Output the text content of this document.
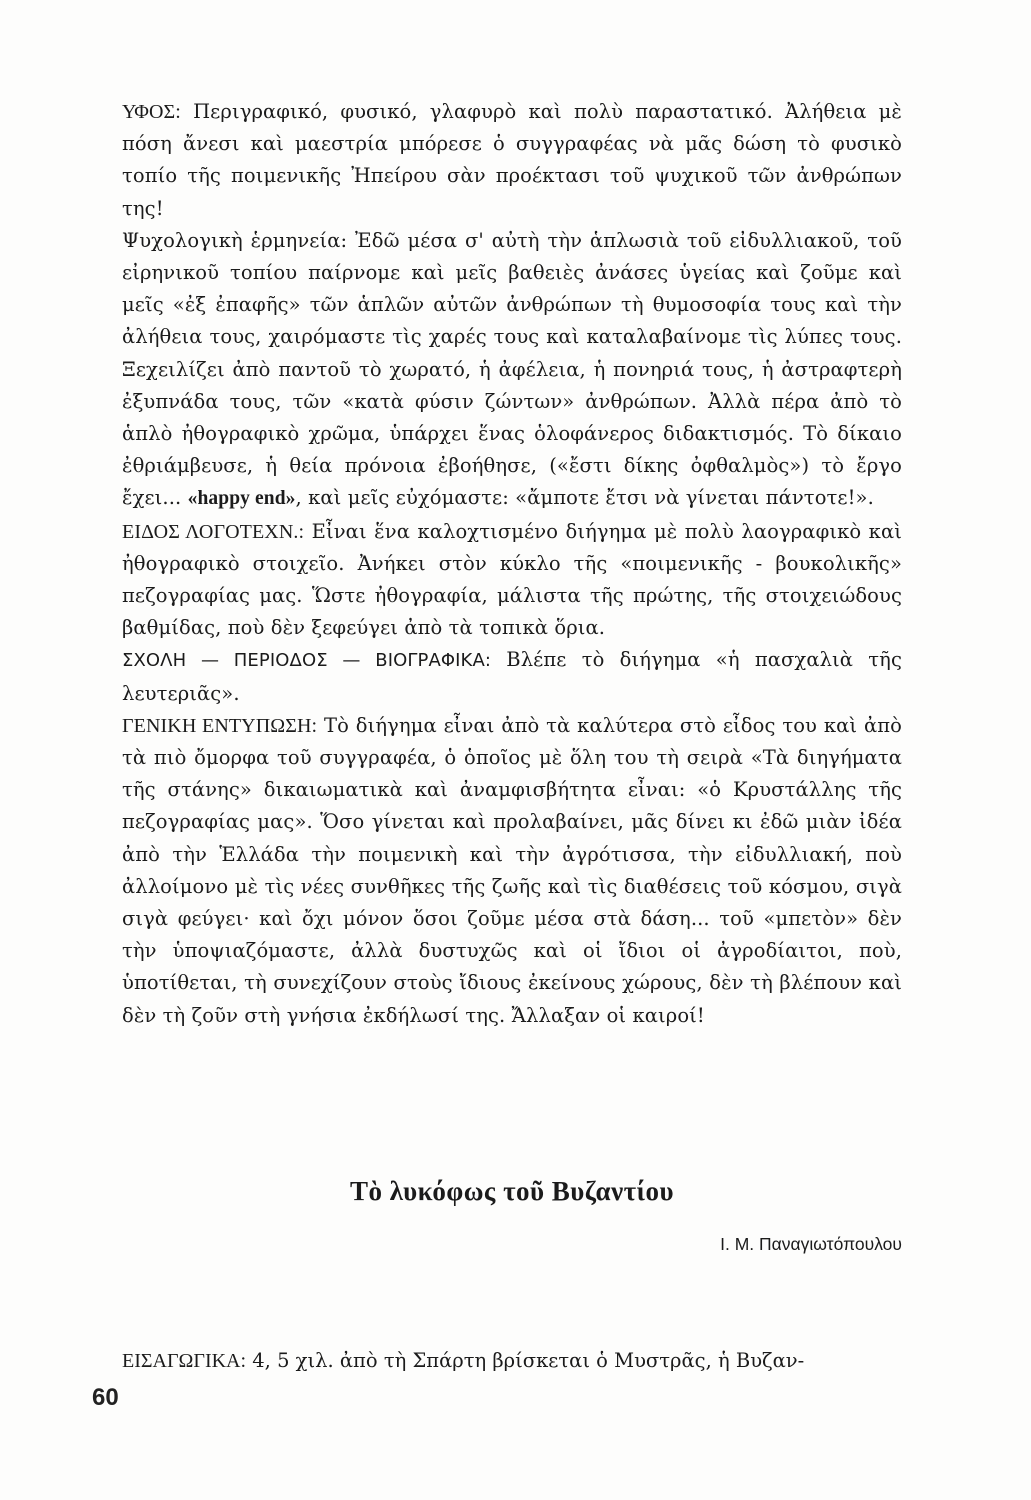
ΥΦΟΣ: Περιγραφικό, φυσικό, γλαφυρὸ καὶ πολὺ παραστατικό. Ἀλήθεια μὲ πόση ἄνεσι καὶ μαεστρία μπόρεσε ὁ συγγραφέας νὰ μᾶς δώση τὸ φυσικὸ τοπίο τῆς ποιμενικῆς Ἠπείρου σὰν προέκτασι τοῦ ψυχικοῦ τῶν ἀνθρώπων της!

Ψυχολογικὴ ἑρμηνεία: Ἐδῶ μέσα σ' αὐτὴ τὴν ἁπλωσιὰ τοῦ εἰδυλλιακοῦ, τοῦ εἰρηνικοῦ τοπίου παίρνομε καὶ μεῖς βαθειὲς ἀνάσες ὑγείας καὶ ζοῦμε καὶ μεῖς «ἐξ ἐπαφῆς» τῶν ἁπλῶν αὐτῶν ἀνθρώπων τὴ θυμοσοφία τους καὶ τὴν ἀλήθεια τους, χαιρόμαστε τὶς χαρές τους καὶ καταλαβαίνομε τὶς λύπες τους. Ξεχειλίζει ἀπὸ παντοῦ τὸ χωρατό, ἡ ἀφέλεια, ἡ πονηριά τους, ἡ ἀστραφτερὴ ἐξυπνάδα τους, τῶν «κατὰ φύσιν ζώντων» ἀνθρώπων. Ἀλλὰ πέρα ἀπὸ τὸ ἁπλὸ ἠθογραφικὸ χρῶμα, ὑπάρχει ἕνας ὁλοφάνερος διδακτισμός. Τὸ δίκαιο ἐθριάμβευσε, ἡ θεία πρόνοια ἐβοήθησε, («ἔστι δίκης ὀφθαλμὸς») τὸ ἔργο ἔχει... «happy end», καὶ μεῖς εὐχόμαστε: «ἄμποτε ἔτσι νὰ γίνεται πάντοτε!».

ΕΙΔΟΣ ΛΟΓΟΤΕΧΝ.: Εἶναι ἕνα καλοχτισμένο διήγημα μὲ πολὺ λαογραφικὸ καὶ ἠθογραφικὸ στοιχεῖο. Ἀνήκει στὸν κύκλο τῆς «ποιμενικῆς - βουκολικῆς» πεζογραφίας μας. Ὥστε ἠθογραφία, μάλιστα τῆς πρώτης, τῆς στοιχειώδους βαθμίδας, ποὺ δὲν ξεφεύγει ἀπὸ τὰ τοπικὰ ὅρια.

ΣΧΟΛΗ — ΠΕΡΙΟΔΟΣ — ΒΙΟΓΡΑΦΙΚΑ: Βλέπε τὸ διήγημα «ἡ πασχαλιὰ τῆς λευτεριᾶς».

ΓΕΝΙΚΗ ΕΝΤΥΠΩΣΗ: Τὸ διήγημα εἶναι ἀπὸ τὰ καλύτερα στὸ εἶδος του καὶ ἀπὸ τὰ πιὸ ὄμορφα τοῦ συγγραφέα, ὁ ὁποῖος μὲ ὅλη του τὴ σειρὰ «Τὰ διηγήματα τῆς στάνης» δικαιωματικὰ καὶ ἀναμφισβήτητα εἶναι: «ὁ Κρυστάλλης τῆς πεζογραφίας μας». Ὅσο γίνεται καὶ προλαβαίνει, μᾶς δίνει κι ἐδῶ μιὰν ἰδέα ἀπὸ τὴν Ἑλλάδα τὴν ποιμενικὴ καὶ τὴν ἀγρότισσα, τὴν εἰδυλλιακή, ποὺ ἀλλοίμονο μὲ τὶς νέες συνθῆκες τῆς ζωῆς καὶ τὶς διαθέσεις τοῦ κόσμου, σιγὰ σιγὰ φεύγει· καὶ ὄχι μόνον ὅσοι ζοῦμε μέσα στὰ δάση... τοῦ «μπετὸν» δὲν τὴν ὑποψιαζόμαστε, ἀλλὰ δυστυχῶς καὶ οἱ ἴδιοι οἱ ἀγροδίαιτοι, ποὺ, ὑποτίθεται, τὴ συνεχίζουν στοὺς ἴδιους ἐκείνους χώρους, δὲν τὴ βλέπουν καὶ δὲν τὴ ζοῦν στὴ γνήσια ἐκδήλωσί της. Ἄλλαξαν οἱ καιροί!

Τὸ λυκόφως τοῦ Βυζαντίου
Ι. Μ. Παναγιωτόπουλου
ΕΙΣΑΓΩΓΙΚΑ: 4, 5 χιλ. ἀπὸ τὴ Σπάρτη βρίσκεται ὁ Μυστρᾶς, ἡ Βυζαν-
60
